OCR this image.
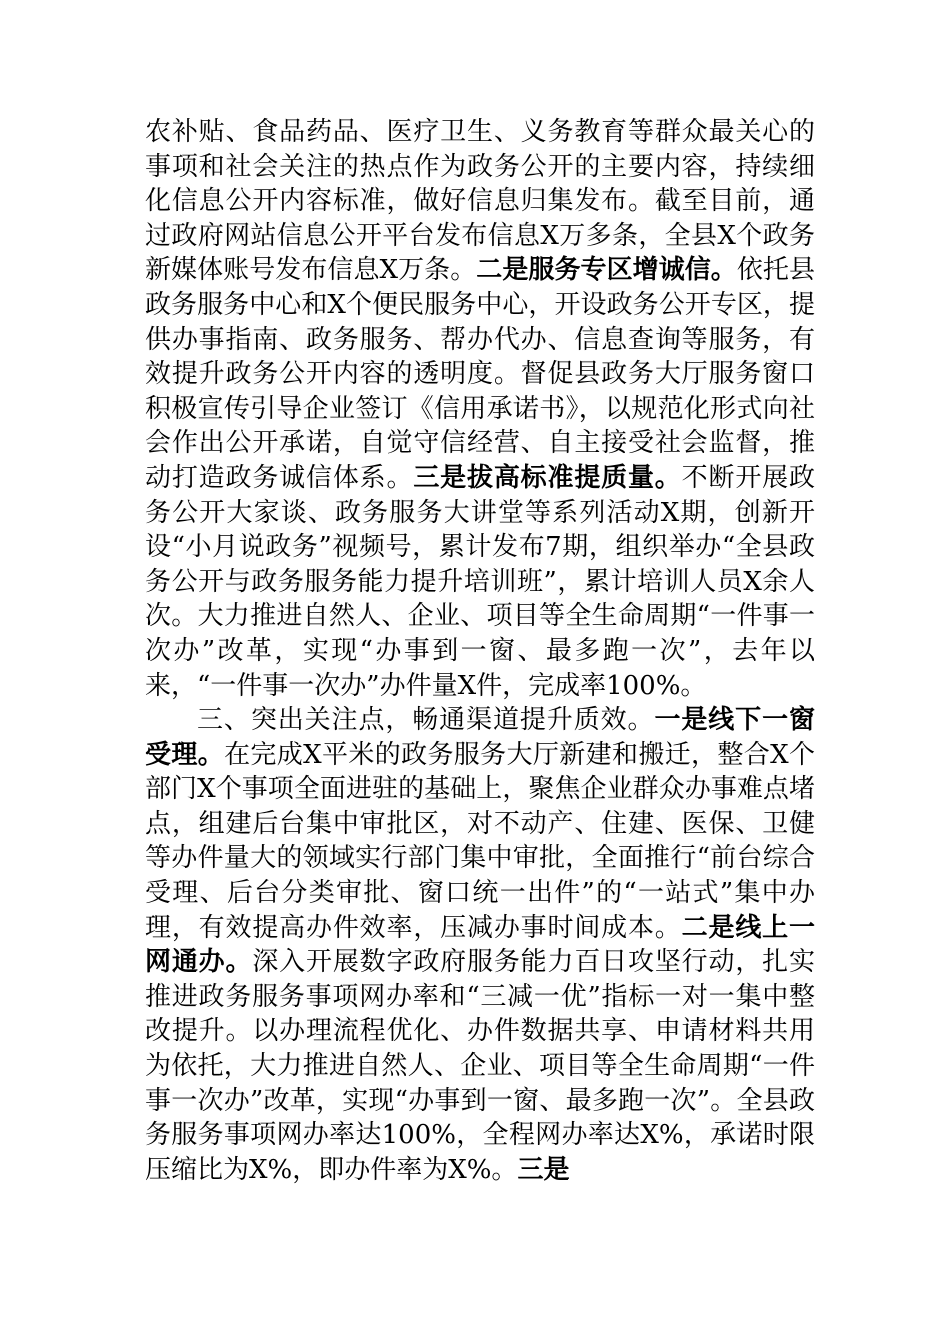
农补贴、食品药品、医疗卫生、义务教育等群众最关心的事项和社会关注的热点作为政务公开的主要内容，持续细化信息公开内容标准，做好信息归集发布。截至目前，通过政府网站信息公开平台发布信息X万多条，全县X个政务新媒体账号发布信息X万条。二是服务专区增诚信。依托县政务服务中心和X个便民服务中心，开设政务公开专区，提供办事指南、政务服务、帮办代办、信息查询等服务，有效提升政务公开内容的透明度。督促县政务大厅服务窗口积极宣传引导企业签订《信用承诺书》，以规范化形式向社会作出公开承诺，自觉守信经营、自主接受社会监督，推动打造政务诚信体系。三是拔高标准提质量。不断开展政务公开大家谈、政务服务大讲堂等系列活动X期，创新开设“小月说政务”视频号，累计发布7期，组织举办“全县政务公开与政务服务能力提升培训班”，累计培训人员X余人次。大力推进自然人、企业、项目等全生命周期“一件事一次办”改革，实现“办事到一窗、最多跑一次”，去年以来，“一件事一次办”办件量X件，完成率100%。

三、突出关注点，畅通渠道提升质效。一是线下一窗受理。在完成X平米的政务服务大厅新建和搬迁，整合X个部门X个事项全面进驻的基础上，聚焦企业群众办事难点堵点，组建后台集中审批区，对不动产、住建、医保、卫健等办件量大的领域实行部门集中审批，全面推行“前台综合受理、后台分类审批、窗口统一出件”的“一站式”集中办理，有效提高办件效率，压减办事时间成本。二是线上一网通办。深入开展数字政府服务能力百日攻坚行动，扎实推进政务服务事项网办率和“三减一优”指标一对一集中整改提升。以办理流程优化、办件数据共享、申请材料共用为依托，大力推进自然人、企业、项目等全生命周期“一件事一次办”改革，实现“办事到一窗、最多跑一次”。全县政务服务事项网办率达100%，全程网办率达X%，承诺时限压缩比为X%，即办件率为X%。三是
